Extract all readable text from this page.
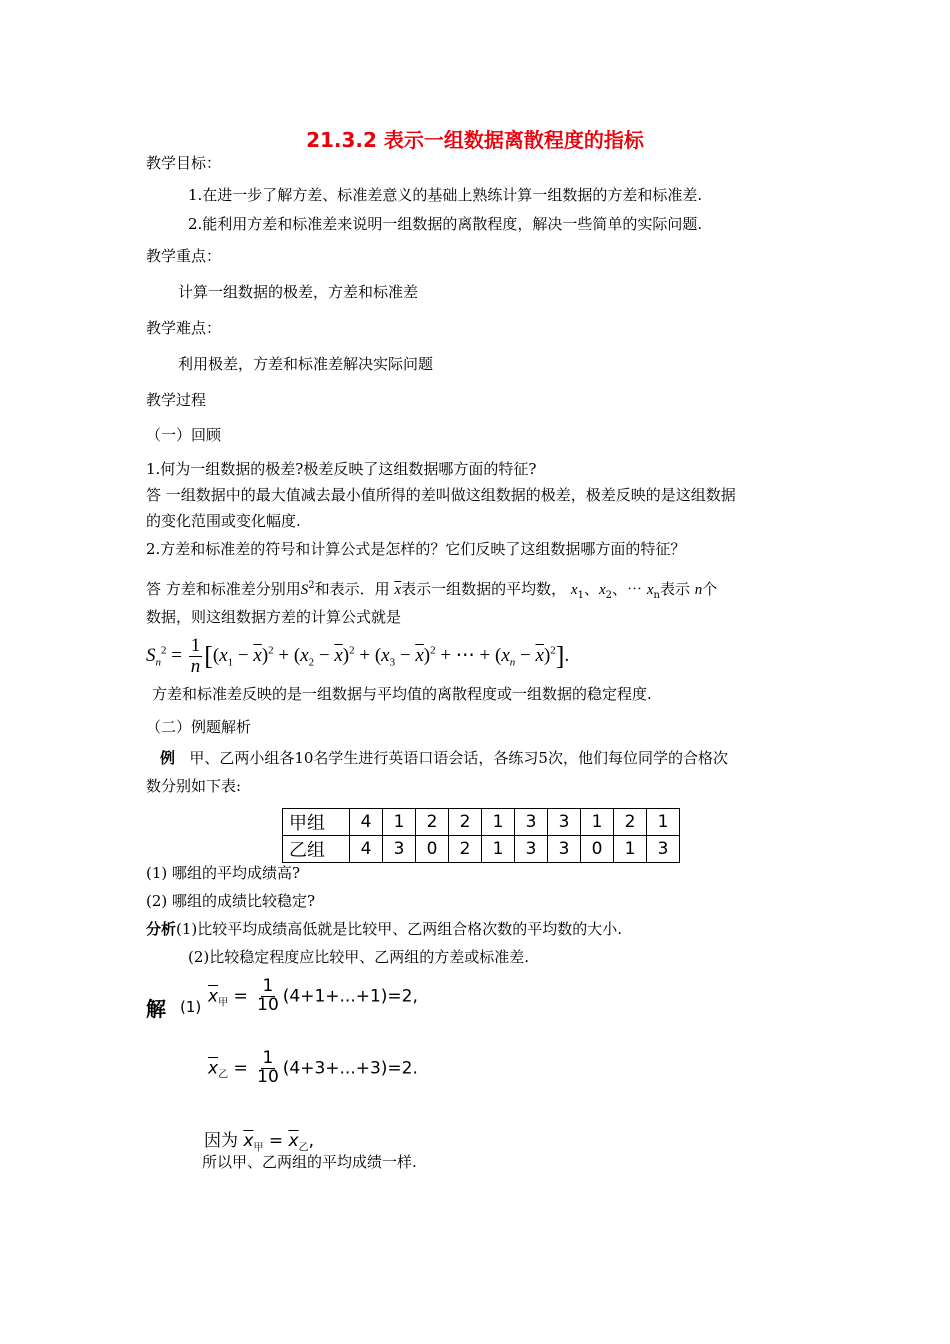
21.3.2 表示一组数据离散程度的指标
教学目标：
1.在进一步了解方差、标准差意义的基础上熟练计算一组数据的方差和标准差.
2.能利用方差和标准差来说明一组数据的离散程度，解决一些简单的实际问题.
教学重点：
计算一组数据的极差，方差和标准差
教学难点：
利用极差，方差和标准差解决实际问题
教学过程
（一）回顾
1.何为一组数据的极差?极差反映了这组数据哪方面的特征?
答 一组数据中的最大值减去最小值所得的差叫做这组数据的极差，极差反映的是这组数据
的变化范围或变化幅度.
2.方差和标准差的符号和计算公式是怎样的？它们反映了这组数据哪方面的特征？
答 方差和标准差分别用$S^2$和表示．用 $\overline{x}$表示一组数据的平均数， $x_1$、$x_2$、⋯ $x_n$表示 n个
数据，则这组数据方差的计算公式就是
$S_n^2 = \frac{1}{n} [(x_1 - \overline{x})^2 + (x_2 - \overline{x})^2 + (x_3 - \overline{x})^2$ + ⋯ + $(x_n - \overline{x})^2$].
方差和标准差反映的是一组数据与平均值的离散程度或一组数据的稳定程度.
（二）例题解析
例 甲、乙两小组各10名学生进行英语口语会话，各练习5次，他们每位同学的合格次
数分别如下表:
甲组	4	1	2	2	1	3	3	1	2	1
乙组	4	3	0	2	1	3	3	0	1	3
(1) 哪组的平均成绩高?
(2) 哪组的成绩比较稳定?
分析(1)比较平均成绩高低就是比较甲、乙两组合格次数的平均数的大小.
(2)比较稳定程度应比较甲、乙两组的方差或标准差.
解 (1)
$\overline{x}_甲 = \frac{1}{10} (4+1+...+1)=2$,
$\overline{x}_乙 = \frac{1}{10} (4+3+...+3)=2$.
因为 $\overline{x}_甲 = \overline{x}_乙$,
所以甲、乙两组的平均成绩一样.
